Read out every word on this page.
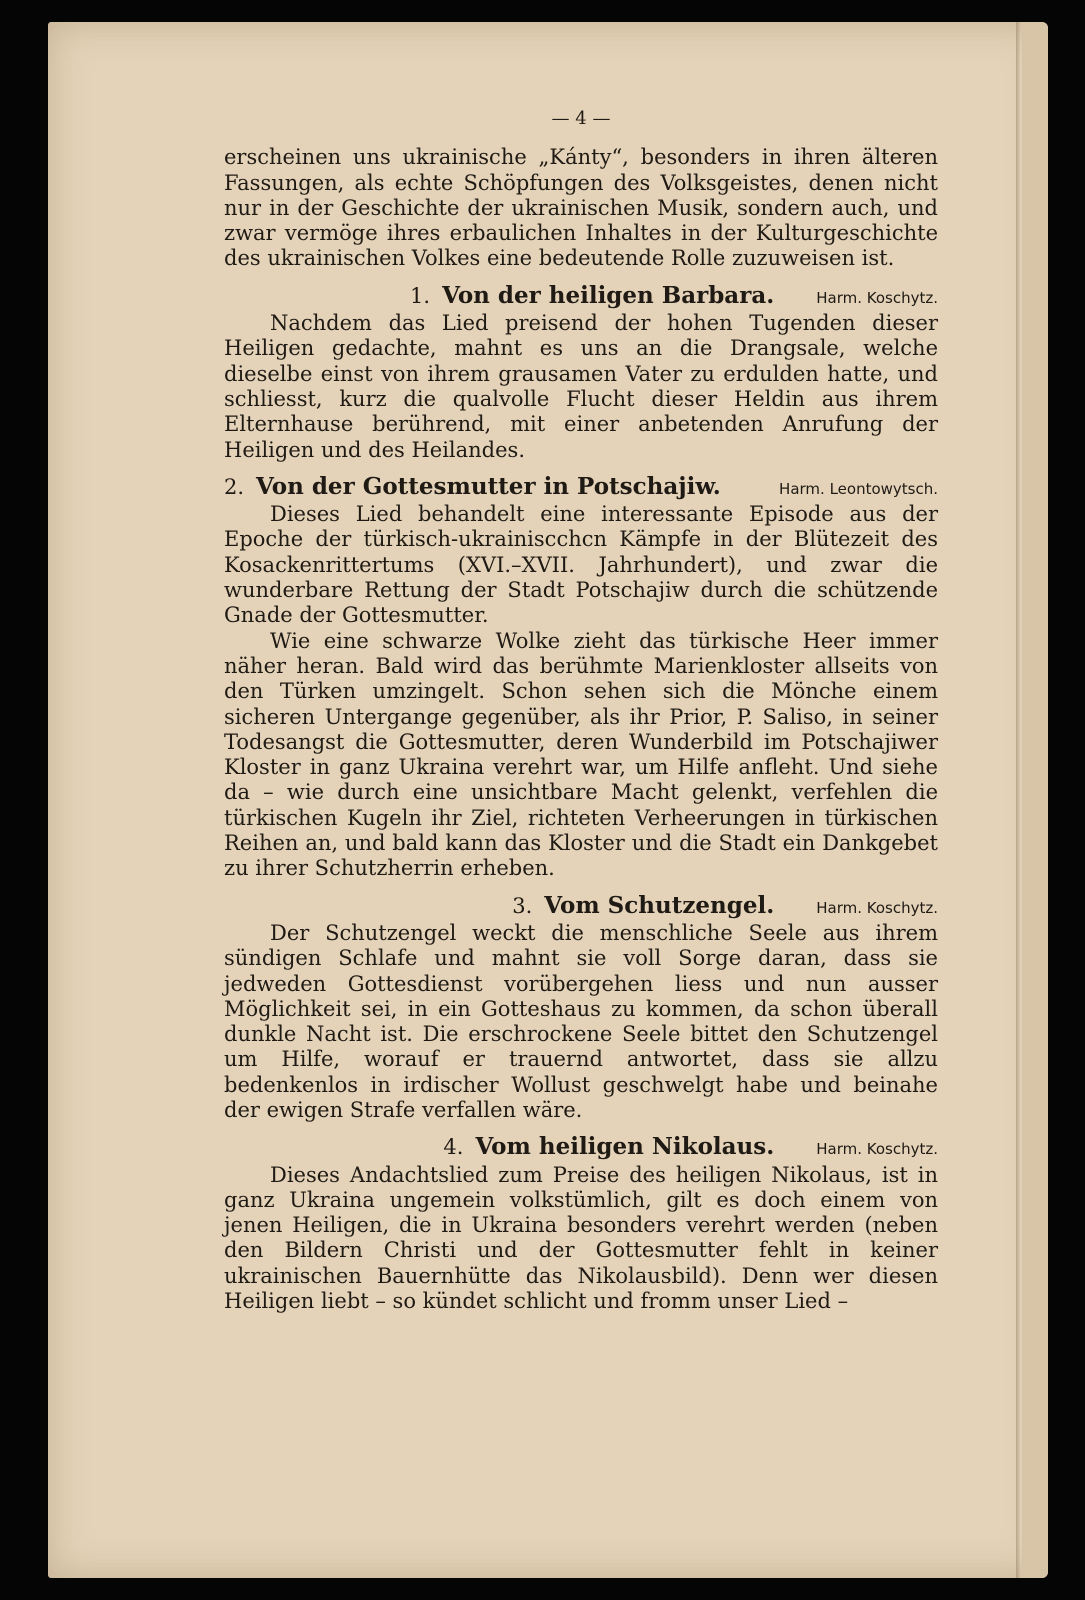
— 4 —

erscheinen uns ukrainische „Kánty“, besonders in ihren älteren Fassungen, als echte Schöpfungen des Volksgeistes, denen nicht nur in der Geschichte der ukrainischen Musik, sondern auch, und zwar vermöge ihres erbaulichen Inhaltes in der Kulturgeschichte des ukrainischen Volkes eine bedeutende Rolle zuzuweisen ist.

1. Von der heiligen Barbara.	Harm. Koschytz.

Nachdem das Lied preisend der hohen Tugenden dieser Heiligen gedachte, mahnt es uns an die Drangsale, welche dieselbe einst von ihrem grausamen Vater zu erdulden hatte, und schliesst, kurz die qualvolle Flucht dieser Heldin aus ihrem Elternhause berührend, mit einer anbetenden Anrufung der Heiligen und des Heilandes.

2. Von der Gottesmutter in Potschajiw.	Harm. Leontowytsch.

Dieses Lied behandelt eine interessante Episode aus der Epoche der türkisch-ukrainiscchcn Kämpfe in der Blütezeit des Kosackenrittertums (XVI.–XVII. Jahrhundert), und zwar die wunderbare Rettung der Stadt Potschajiw durch die schützende Gnade der Gottesmutter.

Wie eine schwarze Wolke zieht das türkische Heer immer näher heran. Bald wird das berühmte Marienkloster allseits von den Türken umzingelt. Schon sehen sich die Mönche einem sicheren Untergange gegenüber, als ihr Prior, P. Saliso, in seiner Todesangst die Gottesmutter, deren Wunderbild im Potschajiwer Kloster in ganz Ukraina verehrt war, um Hilfe anfleht. Und siehe da – wie durch eine unsichtbare Macht gelenkt, verfehlen die türkischen Kugeln ihr Ziel, richteten Verheerungen in türkischen Reihen an, und bald kann das Kloster und die Stadt ein Dankgebet zu ihrer Schutzherrin erheben.

3. Vom Schutzengel.	Harm. Koschytz.

Der Schutzengel weckt die menschliche Seele aus ihrem sündigen Schlafe und mahnt sie voll Sorge daran, dass sie jedweden Gottesdienst vorübergehen liess und nun ausser Möglichkeit sei, in ein Gotteshaus zu kommen, da schon überall dunkle Nacht ist. Die erschrockene Seele bittet den Schutzengel um Hilfe, worauf er trauernd antwortet, dass sie allzu bedenkenlos in irdischer Wollust geschwelgt habe und beinahe der ewigen Strafe verfallen wäre.

4. Vom heiligen Nikolaus.	Harm. Koschytz.

Dieses Andachtslied zum Preise des heiligen Nikolaus, ist in ganz Ukraina ungemein volkstümlich, gilt es doch einem von jenen Heiligen, die in Ukraina besonders verehrt werden (neben den Bildern Christi und der Gottesmutter fehlt in keiner ukrainischen Bauernhütte das Nikolausbild). Denn wer diesen Heiligen liebt – so kündet schlicht und fromm unser Lied –
